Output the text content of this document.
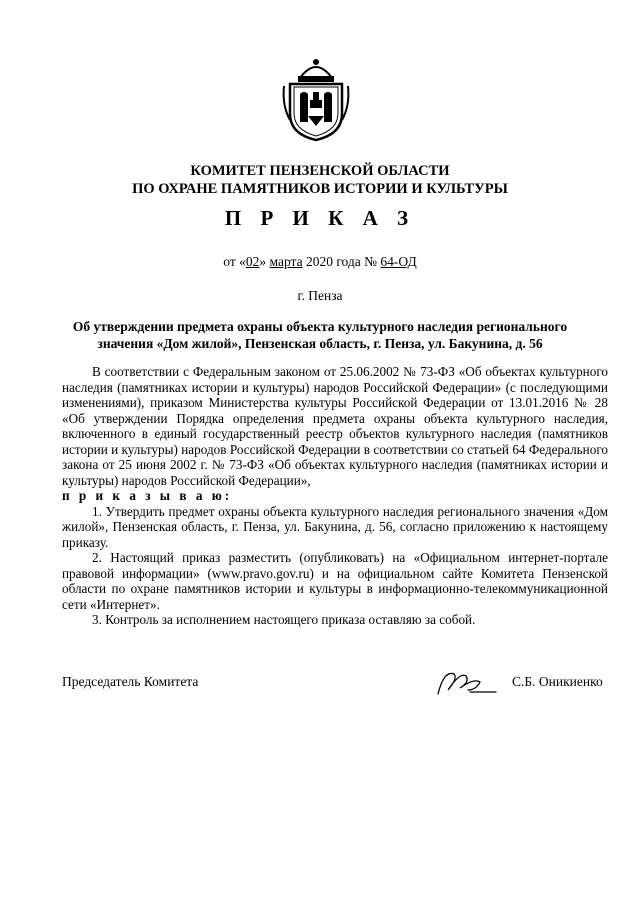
КОМИТЕТ ПЕНЗЕНСКОЙ ОБЛАСТИ
ПО ОХРАНЕ ПАМЯТНИКОВ ИСТОРИИ И КУЛЬТУРЫ
П Р И К А З
от «02» марта 2020 года № 64-ОД
г. Пенза
Об утверждении предмета охраны объекта культурного наследия регионального значения «Дом жилой», Пензенская область, г. Пенза, ул. Бакунина, д. 56

В соответствии с Федеральным законом от 25.06.2002 № 73-ФЗ «Об объектах культурного наследия (памятниках истории и культуры) народов Российской Федерации» (с последующими изменениями), приказом Министерства культуры Российской Федерации от 13.01.2016 № 28 «Об утверждении Порядка определения предмета охраны объекта культурного наследия, включенного в единый государственный реестр объектов культурного наследия (памятников истории и культуры) народов Российской Федерации в соответствии со статьей 64 Федерального закона от 25 июня 2002 г. № 73-ФЗ «Об объектах культурного наследия (памятниках истории и культуры) народов Российской Федерации»,

п р и к а з ы в а ю:

1. Утвердить предмет охраны объекта культурного наследия регионального значения «Дом жилой», Пензенская область, г. Пенза, ул. Бакунина, д. 56, согласно приложению к настоящему приказу.

2. Настоящий приказ разместить (опубликовать) на «Официальном интернет-портале правовой информации» (www.pravo.gov.ru) и на официальном сайте Комитета Пензенской области по охране памятников истории и культуры в информационно-телекоммуникационной сети «Интернет».

3. Контроль за исполнением настоящего приказа оставляю за собой.

Председатель Комитета	С.Б. Оникиенко
